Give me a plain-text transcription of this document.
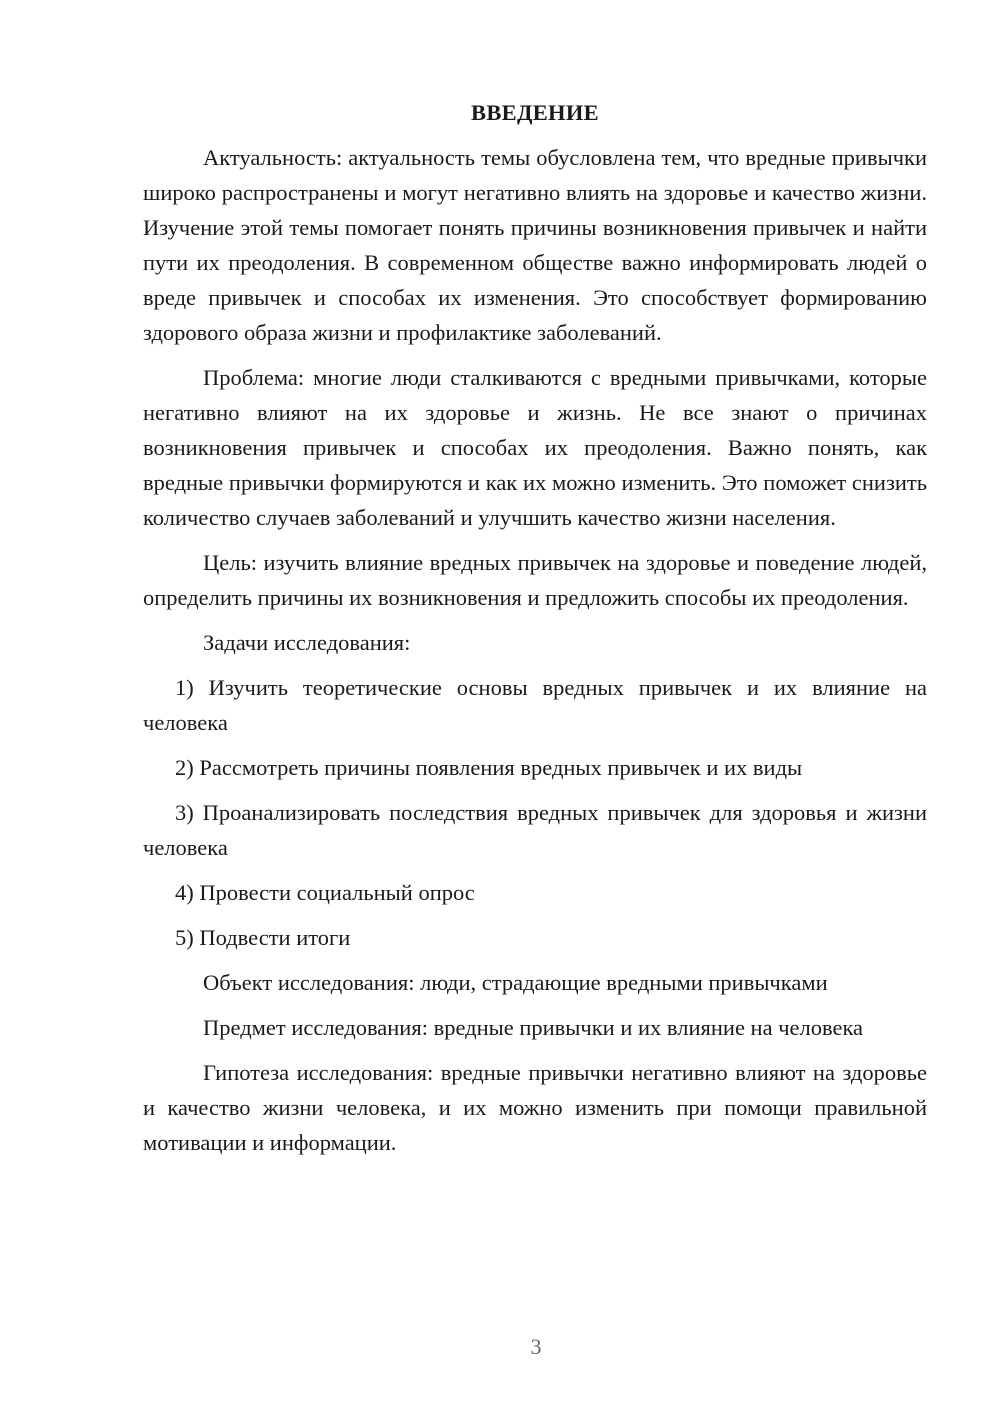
ВВЕДЕНИЕ

Актуальность: актуальность темы обусловлена тем, что вредные привычки широко распространены и могут негативно влиять на здоровье и качество жизни. Изучение этой темы помогает понять причины возникновения привычек и найти пути их преодоления. В современном обществе важно информировать людей о вреде привычек и способах их изменения. Это способствует формированию здорового образа жизни и профилактике заболеваний.

Проблема: многие люди сталкиваются с вредными привычками, которые негативно влияют на их здоровье и жизнь. Не все знают о причинах возникновения привычек и способах их преодоления. Важно понять, как вредные привычки формируются и как их можно изменить. Это поможет снизить количество случаев заболеваний и улучшить качество жизни населения.

Цель: изучить влияние вредных привычек на здоровье и поведение людей, определить причины их возникновения и предложить способы их преодоления.

Задачи исследования:

1) Изучить теоретические основы вредных привычек и их влияние на человека

2) Рассмотреть причины появления вредных привычек и их виды

3) Проанализировать последствия вредных привычек для здоровья и жизни человека

4) Провести социальный опрос

5) Подвести итоги

Объект исследования: люди, страдающие вредными привычками

Предмет исследования: вредные привычки и их влияние на человека

Гипотеза исследования: вредные привычки негативно влияют на здоровье и качество жизни человека, и их можно изменить при помощи правильной мотивации и информации.

3
